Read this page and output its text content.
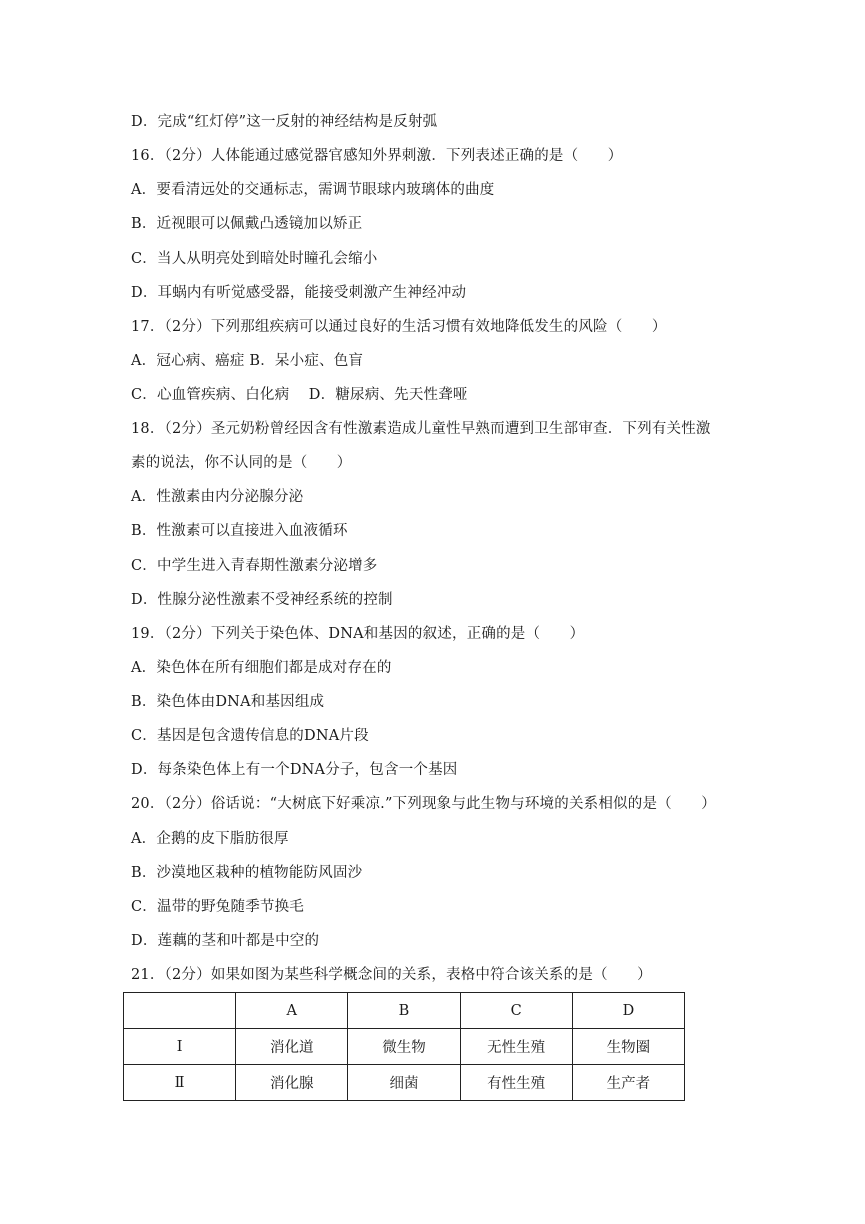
D．完成“红灯停”这一反射的神经结构是反射弧
16．（2分）人体能通过感觉器官感知外界刺激．下列表述正确的是（　　）
A．要看清远处的交通标志，需调节眼球内玻璃体的曲度
B．近视眼可以佩戴凸透镜加以矫正
C．当人从明亮处到暗处时瞳孔会缩小
D．耳蜗内有听觉感受器，能接受刺激产生神经冲动
17．（2分）下列那组疾病可以通过良好的生活习惯有效地降低发生的风险（　　）
A．冠心病、癌症 B．呆小症、色盲
C．心血管疾病、白化病　 D．糖尿病、先天性聋哑
18．（2分）圣元奶粉曾经因含有性激素造成儿童性早熟而遭到卫生部审查．下列有关性激
素的说法，你不认同的是（　　）
A．性激素由内分泌腺分泌
B．性激素可以直接进入血液循环
C．中学生进入青春期性激素分泌增多
D．性腺分泌性激素不受神经系统的控制
19．（2分）下列关于染色体、DNA和基因的叙述，正确的是（　　）
A．染色体在所有细胞们都是成对存在的
B．染色体由DNA和基因组成
C．基因是包含遗传信息的DNA片段
D．每条染色体上有一个DNA分子，包含一个基因
20．（2分）俗话说：“大树底下好乘凉.”下列现象与此生物与环境的关系相似的是（　　）
A．企鹅的皮下脂肪很厚
B．沙漠地区栽种的植物能防风固沙
C．温带的野兔随季节换毛
D．莲藕的茎和叶都是中空的
21．（2分）如果如图为某些科学概念间的关系，表格中符合该关系的是（　　）
	A	B	C	D
Ⅰ	消化道	微生物	无性生殖	生物圈
Ⅱ	消化腺	细菌	有性生殖	生产者
